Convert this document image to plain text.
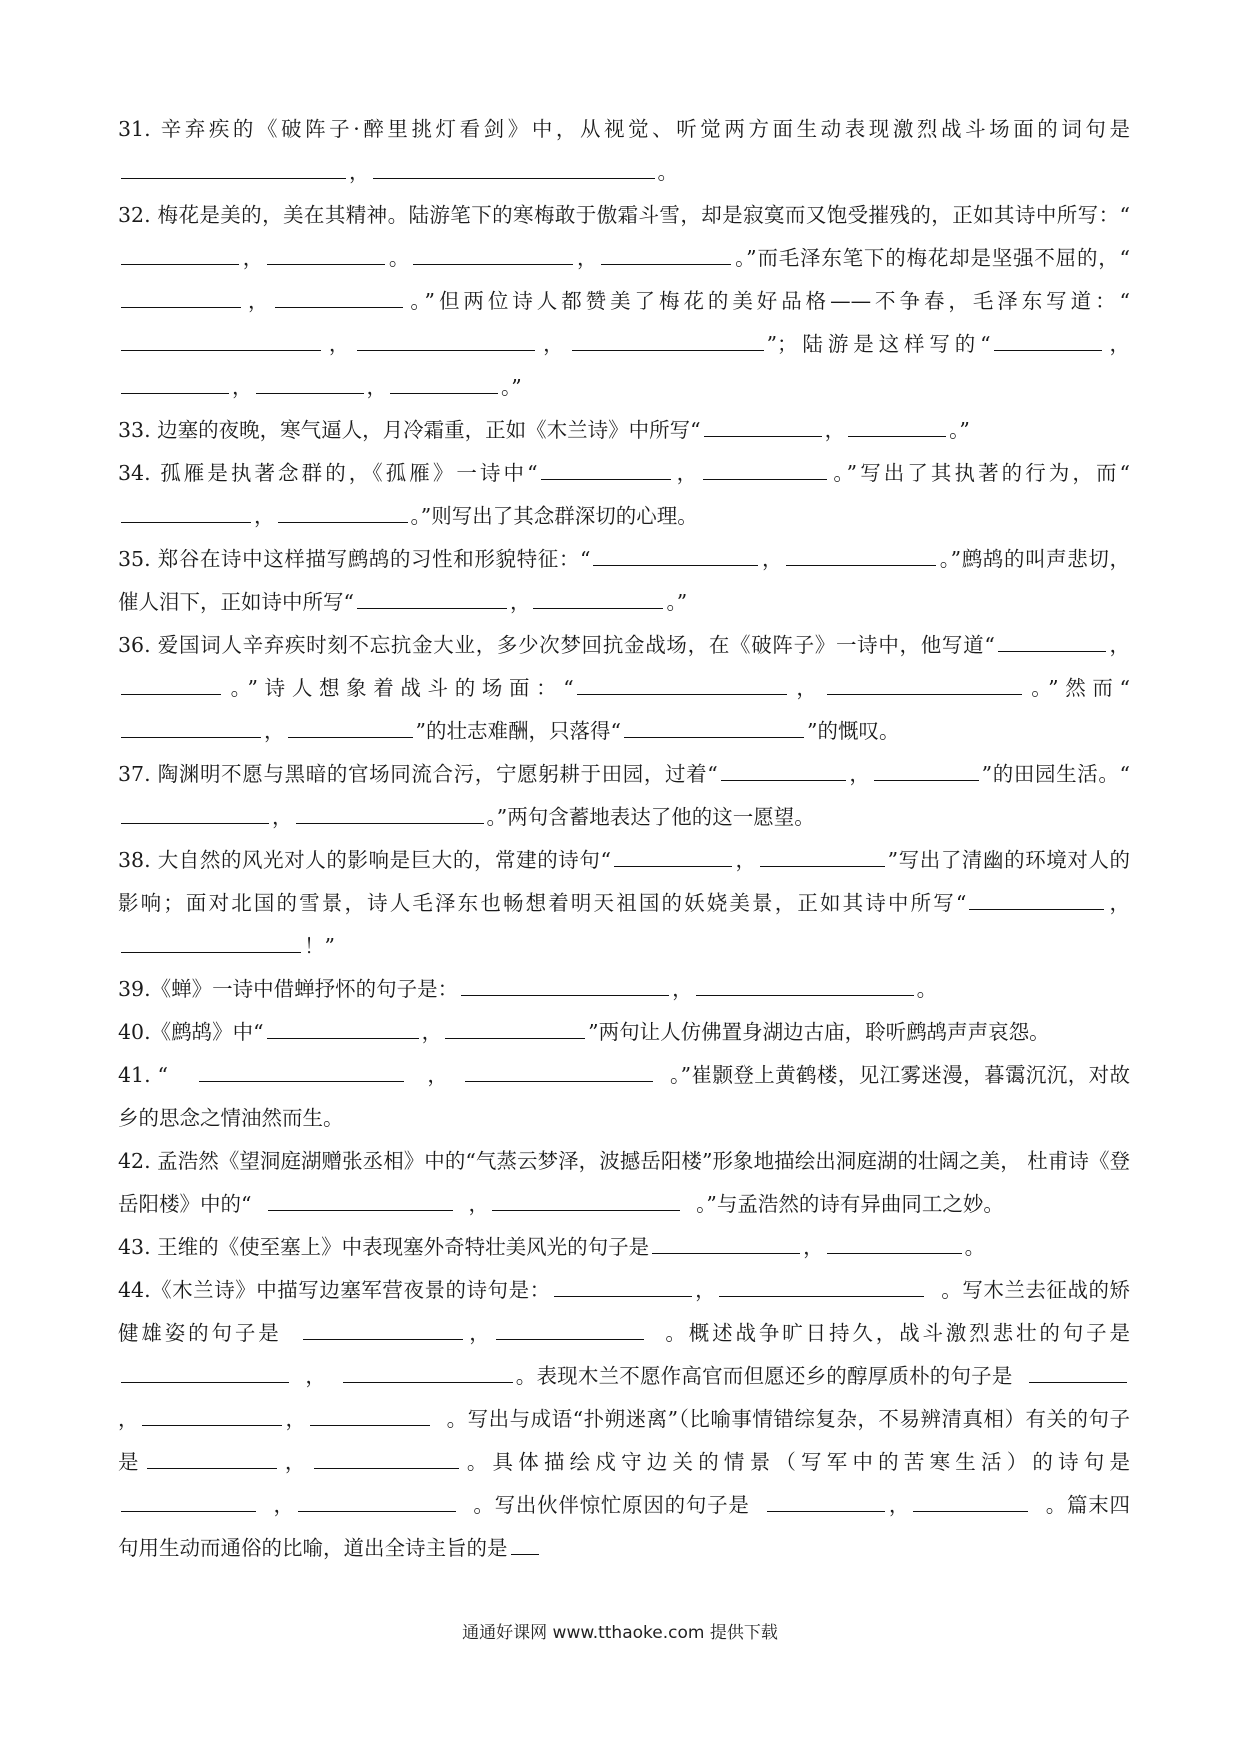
31. 辛弃疾的《破阵子·醉里挑灯看剑》中，从视觉、听觉两方面生动表现激烈战斗场面的词句是，	。

32. 梅花是美的，美在其精神。陆游笔下的寒梅敢于傲霜斗雪，却是寂寞而又饱受摧残的，正如其诗中所写：“，	。	，	。”而毛泽东笔下的梅花却是坚强不屈的，“，	。”但两位诗人都赞美了梅花的美好品格——不争春，毛泽东写道：“，	，	”；陆游是这样写的“	，，	，	。”

33. 边塞的夜晚，寒气逼人，月冷霜重，正如《木兰诗》中所写“	，	。”

34. 孤雁是执著念群的，《孤雁》一诗中“	，	。”写出了其执著的行为，而“，	。”则写出了其念群深切的心理。

35. 郑谷在诗中这样描写鹧鸪的习性和形貌特征：“	，	。”鹧鸪的叫声悲切，催人泪下，正如诗中所写“	，	。”

36. 爱国词人辛弃疾时刻不忘抗金大业，多少次梦回抗金战场，在《破阵子》一诗中，他写道“	，。”诗人想象着战斗的场面：“	，	。”然而“，	”的壮志难酬，只落得“	”的慨叹。

37. 陶渊明不愿与黑暗的官场同流合污，宁愿躬耕于田园，过着“	，	”的田园生活。“，	。”两句含蓄地表达了他的这一愿望。

38. 大自然的风光对人的影响是巨大的，常建的诗句“	，	”写出了清幽的环境对人的影响；面对北国的雪景，诗人毛泽东也畅想着明天祖国的妖娆美景，正如其诗中所写“	，！”

39.《蝉》一诗中借蝉抒怀的句子是：	，	。

40.《鹧鸪》中“	，	”两句让人仿佛置身湖边古庙，聆听鹧鸪声声哀怨。

41. “	，	。”崔颢登上黄鹤楼，见江雾迷漫，暮霭沉沉，对故乡的思念之情油然而生。

42. 孟浩然《望洞庭湖赠张丞相》中的“气蒸云梦泽，波撼岳阳楼”形象地描绘出洞庭湖的壮阔之美， 杜甫诗《登岳阳楼》中的“	，	。”与孟浩然的诗有异曲同工之妙。

43. 王维的《使至塞上》中表现塞外奇特壮美风光的句子是	，	。

44.《木兰诗》中描写边塞军营夜景的诗句是：	，	。写木兰去征战的矫健雄姿的句子是	，	。概述战争旷日持久，战斗激烈悲壮的句子是    ，	。表现木兰不愿作高官而但愿还乡的醇厚质朴的句子是	，	，	。写出与成语“扑朔迷离”（比喻事情错综复杂，不易辨清真相）有关的句子是	，	。具体描绘戍守边关的情景（写军中的苦寒生活）的诗句是    ，	。写出伙伴惊忙原因的句子是	，	。篇末四句用生动而通俗的比喻，道出全诗主旨的是

通通好课网 www.tthaoke.com 提供下载
